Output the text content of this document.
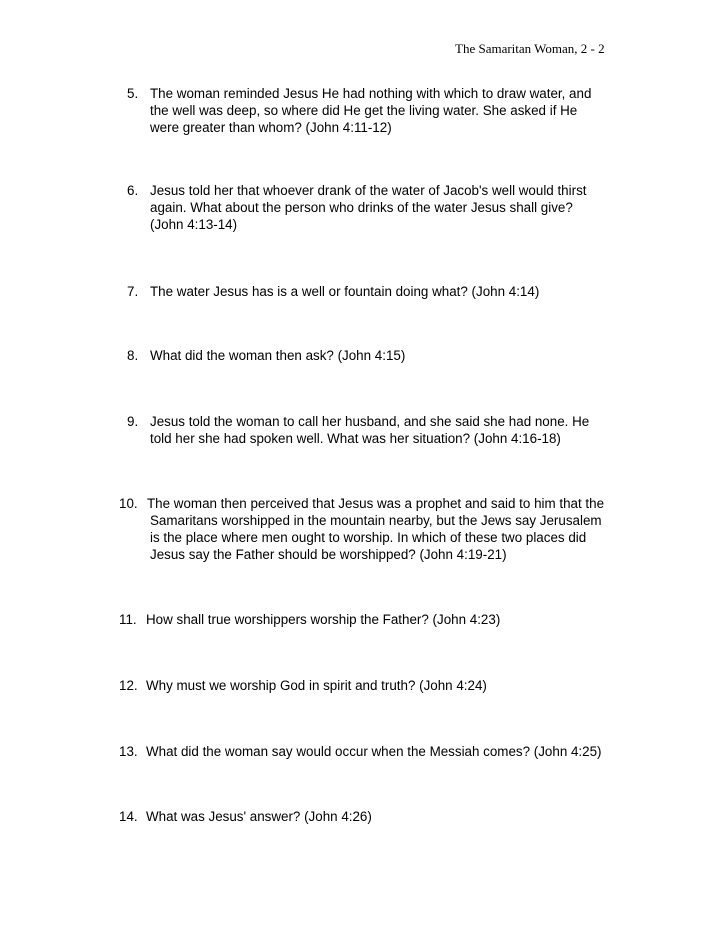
The Samaritan Woman, 2 - 2
5. The woman reminded Jesus He had nothing with which to draw water, and
the well was deep, so where did He get the living water. She asked if He
were greater than whom? (John 4:11-12)
6. Jesus told her that whoever drank of the water of Jacob's well would thirst
again. What about the person who drinks of the water Jesus shall give?
(John 4:13-14)
7. The water Jesus has is a well or fountain doing what? (John 4:14)
8. What did the woman then ask? (John 4:15)
9. Jesus told the woman to call her husband, and she said she had none. He
told her she had spoken well. What was her situation? (John 4:16-18)
10. The woman then perceived that Jesus was a prophet and said to him that the
Samaritans worshipped in the mountain nearby, but the Jews say Jerusalem
is the place where men ought to worship. In which of these two places did
Jesus say the Father should be worshipped? (John 4:19-21)
11. How shall true worshippers worship the Father? (John 4:23)
12. Why must we worship God in spirit and truth? (John 4:24)
13. What did the woman say would occur when the Messiah comes? (John 4:25)
14. What was Jesus' answer? (John 4:26)
